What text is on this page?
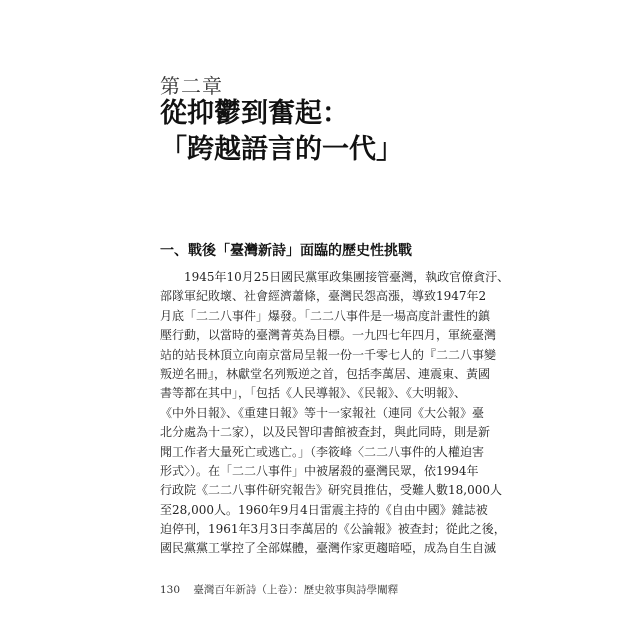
第二章
從抑鬱到奮起：
「跨越語言的一代」
一、戰後「臺灣新詩」面臨的歷史性挑戰
1945年10月25日國民黨軍政集團接管臺灣，執政官僚貪汙、
部隊軍紀敗壞、社會經濟蕭條，臺灣民怨高漲，導致1947年2
月底「二二八事件」爆發。「二二八事件是一場高度計畫性的鎮
壓行動，以當時的臺灣菁英為目標。一九四七年四月，軍統臺灣
站的站長林頂立向南京當局呈報一份一千零七人的『二二八事變
叛逆名冊』，林獻堂名列叛逆之首，包括李萬居、連震東、黃國
書等都在其中」，「包括《人民導報》、《民報》、《大明報》、
《中外日報》、《重建日報》等十一家報社（連同《大公報》臺
北分處為十二家），以及民智印書館被查封，與此同時，則是新
聞工作者大量死亡或逃亡。」（李筱峰〈二二八事件的人權迫害
形式〉）。在「二二八事件」中被屠殺的臺灣民眾，依1994年
行政院《二二八事件研究報告》研究員推估，受難人數18,000人
至28,000人。1960年9月4日雷震主持的《自由中國》雜誌被
迫停刊，1961年3月3日李萬居的《公論報》被查封；從此之後，
國民黨黨工掌控了全部媒體，臺灣作家更趨暗啞，成為自生自滅
130 臺灣百年新詩（上卷）：歷史敘事與詩學闡釋
